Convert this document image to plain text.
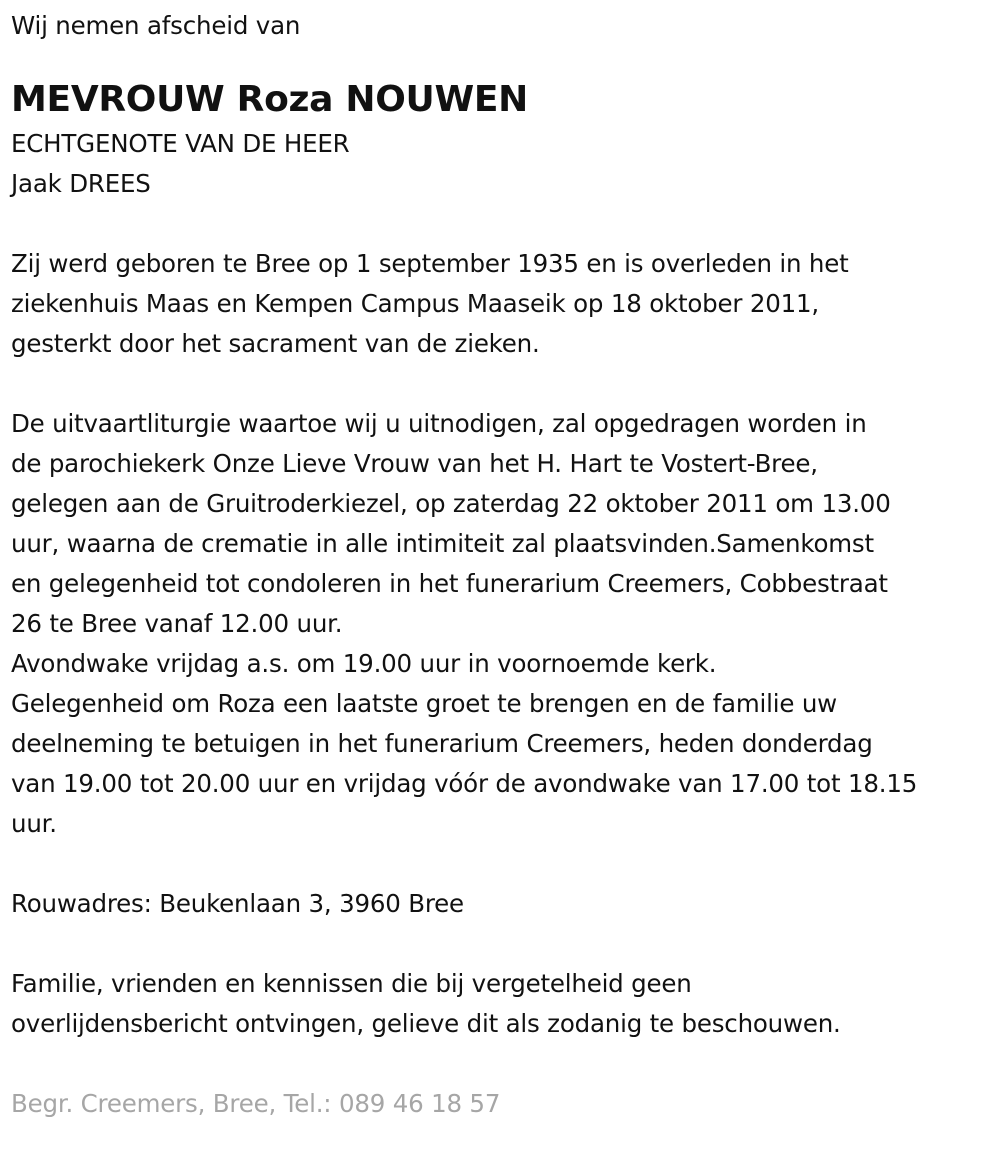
Wij nemen afscheid van
MEVROUW Roza NOUWEN
ECHTGENOTE VAN DE HEER
Jaak DREES
Zij werd geboren te Bree op 1 september 1935 en is overleden in het
ziekenhuis Maas en Kempen Campus Maaseik op 18 oktober 2011,
gesterkt door het sacrament van de zieken.
De uitvaartliturgie waartoe wij u uitnodigen, zal opgedragen worden in
de parochiekerk Onze Lieve Vrouw van het H. Hart te Vostert-Bree,
gelegen aan de Gruitroderkiezel, op zaterdag 22 oktober 2011 om 13.00
uur, waarna de crematie in alle intimiteit zal plaatsvinden.Samenkomst
en gelegenheid tot condoleren in het funerarium Creemers, Cobbestraat
26 te Bree vanaf 12.00 uur.
Avondwake vrijdag a.s. om 19.00 uur in voornoemde kerk.
Gelegenheid om Roza een laatste groet te brengen en de familie uw
deelneming te betuigen in het funerarium Creemers, heden donderdag
van 19.00 tot 20.00 uur en vrijdag vóór de avondwake van 17.00 tot 18.15
uur.
Rouwadres: Beukenlaan 3, 3960 Bree
Familie, vrienden en kennissen die bij vergetelheid geen
overlijdensbericht ontvingen, gelieve dit als zodanig te beschouwen.
Begr. Creemers, Bree, Tel.: 089 46 18 57
